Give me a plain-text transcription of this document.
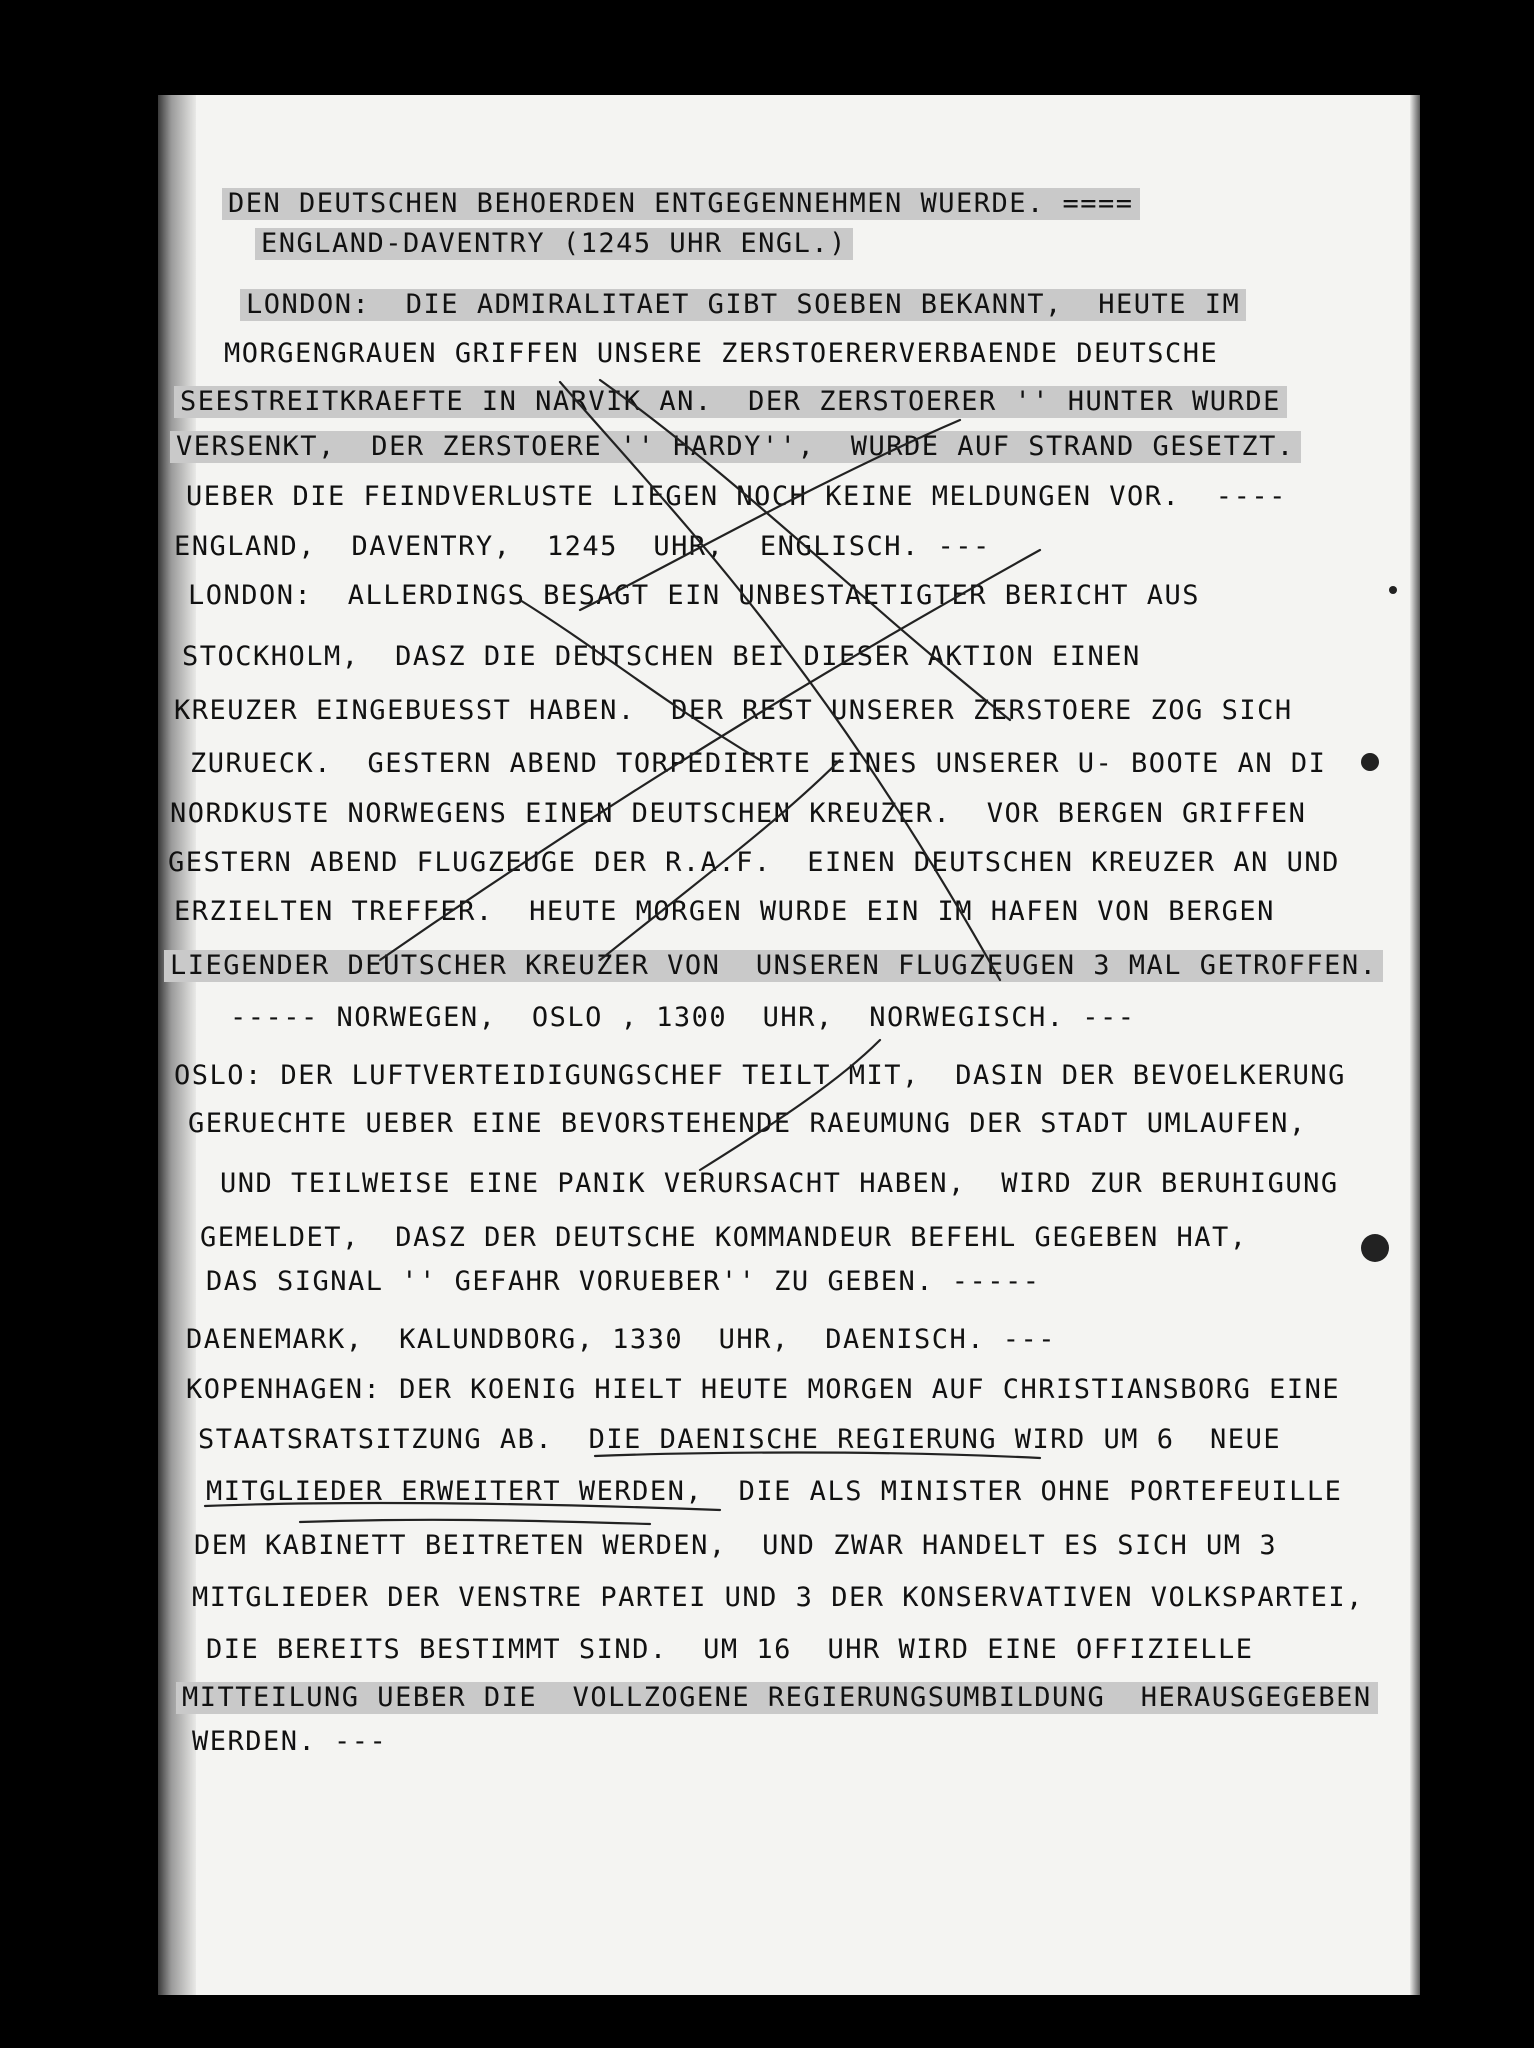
DEN DEUTSCHEN BEHOERDEN ENTGEGENNEHMEN WUERDE. ====
ENGLAND-DAVENTRY (1245 UHR ENGL.)
LONDON:  DIE ADMIRALITAET GIBT SOEBEN BEKANNT,  HEUTE IM
MORGENGRAUEN GRIFFEN UNSERE ZERSTOERERVERBAENDE DEUTSCHE
SEESTREITKRAEFTE IN NARVIK AN.  DER ZERSTOERER '' HUNTER WURDE
VERSENKT,  DER ZERSTOERE '' HARDY'',  WURDE AUF STRAND GESETZT.
UEBER DIE FEINDVERLUSTE LIEGEN NOCH KEINE MELDUNGEN VOR.  ----
ENGLAND,  DAVENTRY,  1245  UHR,  ENGLISCH. ---
LONDON:  ALLERDINGS BESAGT EIN UNBESTAETIGTER BERICHT AUS
STOCKHOLM,  DASZ DIE DEUTSCHEN BEI DIESER AKTION EINEN
KREUZER EINGEBUESST HABEN.  DER REST UNSERER ZERSTOERE ZOG SICH
ZURUECK.  GESTERN ABEND TORPEDIERTE EINES UNSERER U- BOOTE AN DI
NORDKUSTE NORWEGENS EINEN DEUTSCHEN KREUZER.  VOR BERGEN GRIFFEN
GESTERN ABEND FLUGZEUGE DER R.A.F.  EINEN DEUTSCHEN KREUZER AN UND
ERZIELTEN TREFFER.  HEUTE MORGEN WURDE EIN IM HAFEN VON BERGEN
LIEGENDER DEUTSCHER KREUZER VON  UNSEREN FLUGZEUGEN 3 MAL GETROFFEN.
----- NORWEGEN,  OSLO , 1300  UHR,  NORWEGISCH. ---
OSLO: DER LUFTVERTEIDIGUNGSCHEF TEILT MIT,  DASIN DER BEVOELKERUNG
GERUECHTE UEBER EINE BEVORSTEHENDE RAEUMUNG DER STADT UMLAUFEN,
UND TEILWEISE EINE PANIK VERURSACHT HABEN,  WIRD ZUR BERUHIGUNG
GEMELDET,  DASZ DER DEUTSCHE KOMMANDEUR BEFEHL GEGEBEN HAT,
DAS SIGNAL '' GEFAHR VORUEBER'' ZU GEBEN. -----
DAENEMARK,  KALUNDBORG, 1330  UHR,  DAENISCH. ---
KOPENHAGEN: DER KOENIG HIELT HEUTE MORGEN AUF CHRISTIANSBORG EINE
STAATSRATSITZUNG AB.  DIE DAENISCHE REGIERUNG WIRD UM 6  NEUE
MITGLIEDER ERWEITERT WERDEN,  DIE ALS MINISTER OHNE PORTEFEUILLE
DEM KABINETT BEITRETEN WERDEN,  UND ZWAR HANDELT ES SICH UM 3
MITGLIEDER DER VENSTRE PARTEI UND 3 DER KONSERVATIVEN VOLKSPARTEI,
DIE BEREITS BESTIMMT SIND.  UM 16  UHR WIRD EINE OFFIZIELLE
MITTEILUNG UEBER DIE  VOLLZOGENE REGIERUNGSUMBILDUNG  HERAUSGEGEBEN
WERDEN. ---
